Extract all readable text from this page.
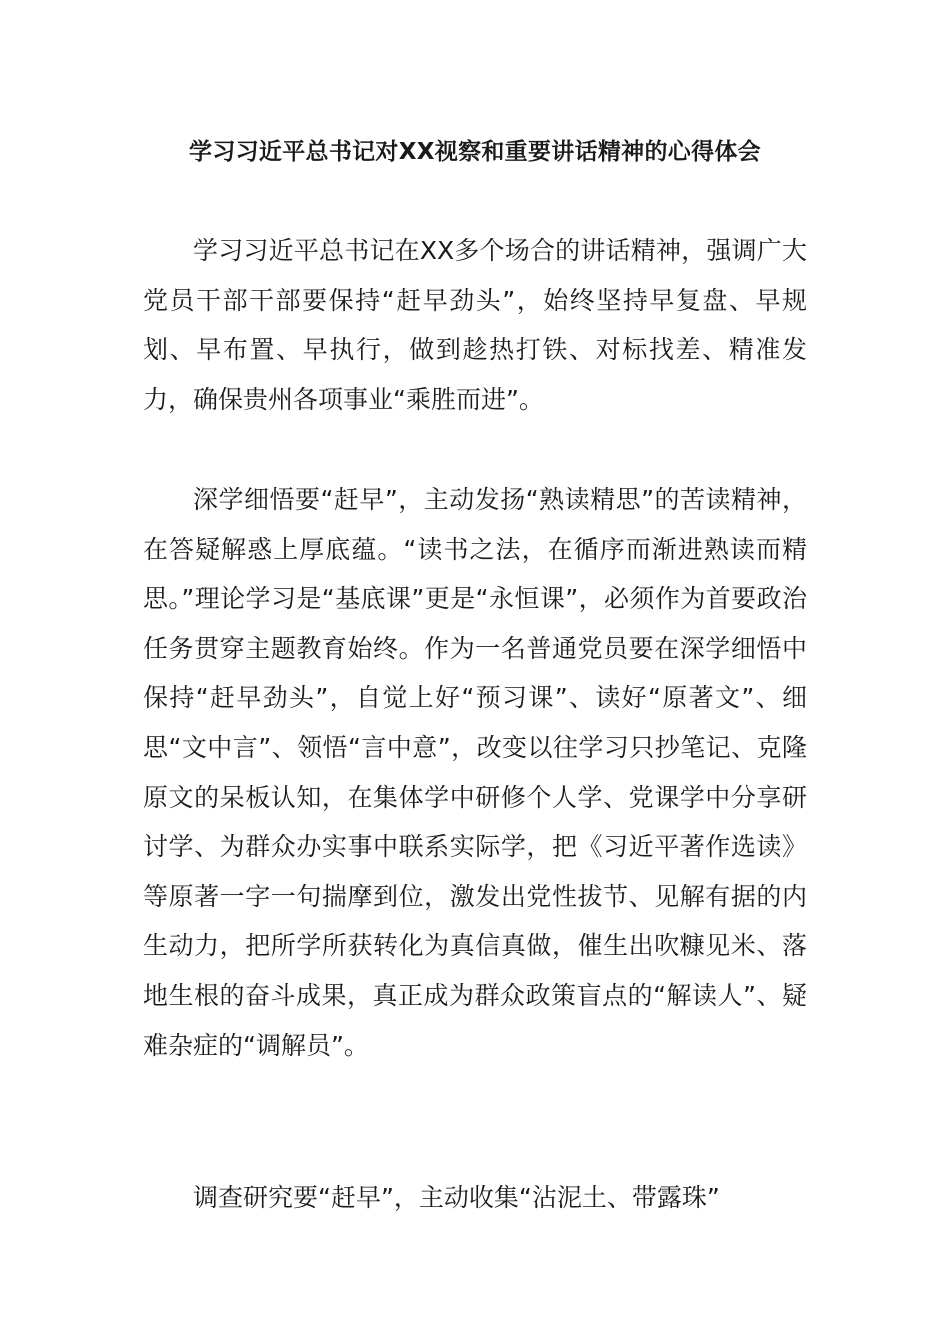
学习习近平总书记对XX视察和重要讲话精神的心得体会

学习习近平总书记在XX多个场合的讲话精神，强调广大党员干部干部要保持“赶早劲头”，始终坚持早复盘、早规划、早布置、早执行，做到趁热打铁、对标找差、精准发力，确保贵州各项事业“乘胜而进”。

深学细悟要“赶早”，主动发扬“熟读精思”的苦读精神，在答疑解惑上厚底蕴。“读书之法，在循序而渐进熟读而精思。”理论学习是“基底课”更是“永恒课”，必须作为首要政治任务贯穿主题教育始终。作为一名普通党员要在深学细悟中保持“赶早劲头”，自觉上好“预习课”、读好“原著文”、细思“文中言”、领悟“言中意”，改变以往学习只抄笔记、克隆原文的呆板认知，在集体学中研修个人学、党课学中分享研讨学、为群众办实事中联系实际学，把《习近平著作选读》等原著一字一句揣摩到位，激发出党性拔节、见解有据的内生动力，把所学所获转化为真信真做，催生出吹糠见米、落地生根的奋斗成果，真正成为群众政策盲点的“解读人”、疑难杂症的“调解员”。

调查研究要“赶早”，主动收集“沾泥土、带露珠”
